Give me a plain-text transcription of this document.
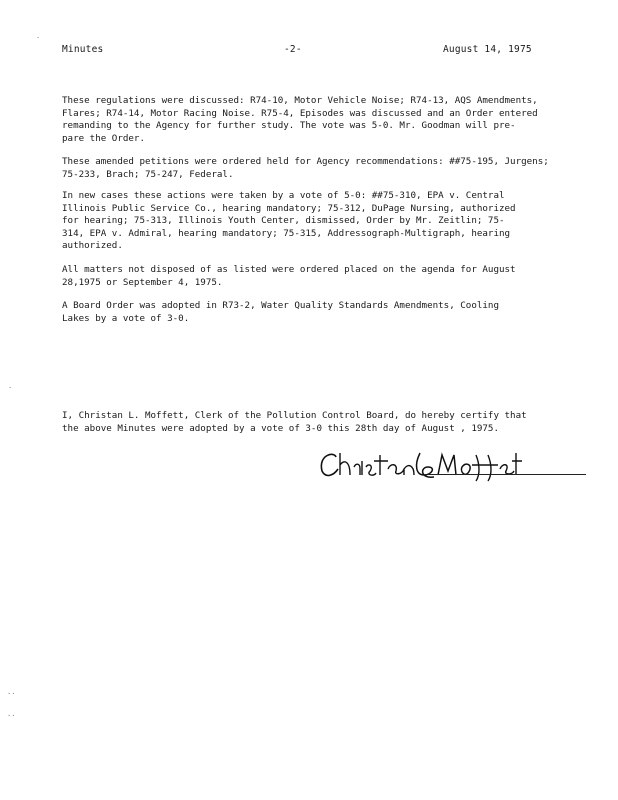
·
·
··
··
Minutes	-2-	August 14, 1975
These regulations were discussed: R74-10, Motor Vehicle Noise; R74-13, AQS Amendments,
Flares; R74-14, Motor Racing Noise. R75-4, Episodes was discussed and an Order entered
remanding to the Agency for further study. The vote was 5-0. Mr. Goodman will pre-
pare the Order.
These amended petitions were ordered held for Agency recommendations: ##75-195, Jurgens;
75-233, Brach; 75-247, Federal.
In new cases these actions were taken by a vote of 5-0: ##75-310, EPA v. Central
Illinois Public Service Co., hearing mandatory; 75-312, DuPage Nursing, authorized
for hearing; 75-313, Illinois Youth Center, dismissed, Order by Mr. Zeitlin; 75-
314, EPA v. Admiral, hearing mandatory; 75-315, Addressograph-Multigraph, hearing
authorized.
All matters not disposed of as listed were ordered placed on the agenda for August
28,1975 or September 4, 1975.
A Board Order was adopted in R73-2, Water Quality Standards Amendments, Cooling
Lakes by a vote of 3-0.
I, Christan L. Moffett, Clerk of the Pollution Control Board, do hereby certify that
the above Minutes were adopted by a vote of 3-0 this 28th day of August , 1975.
